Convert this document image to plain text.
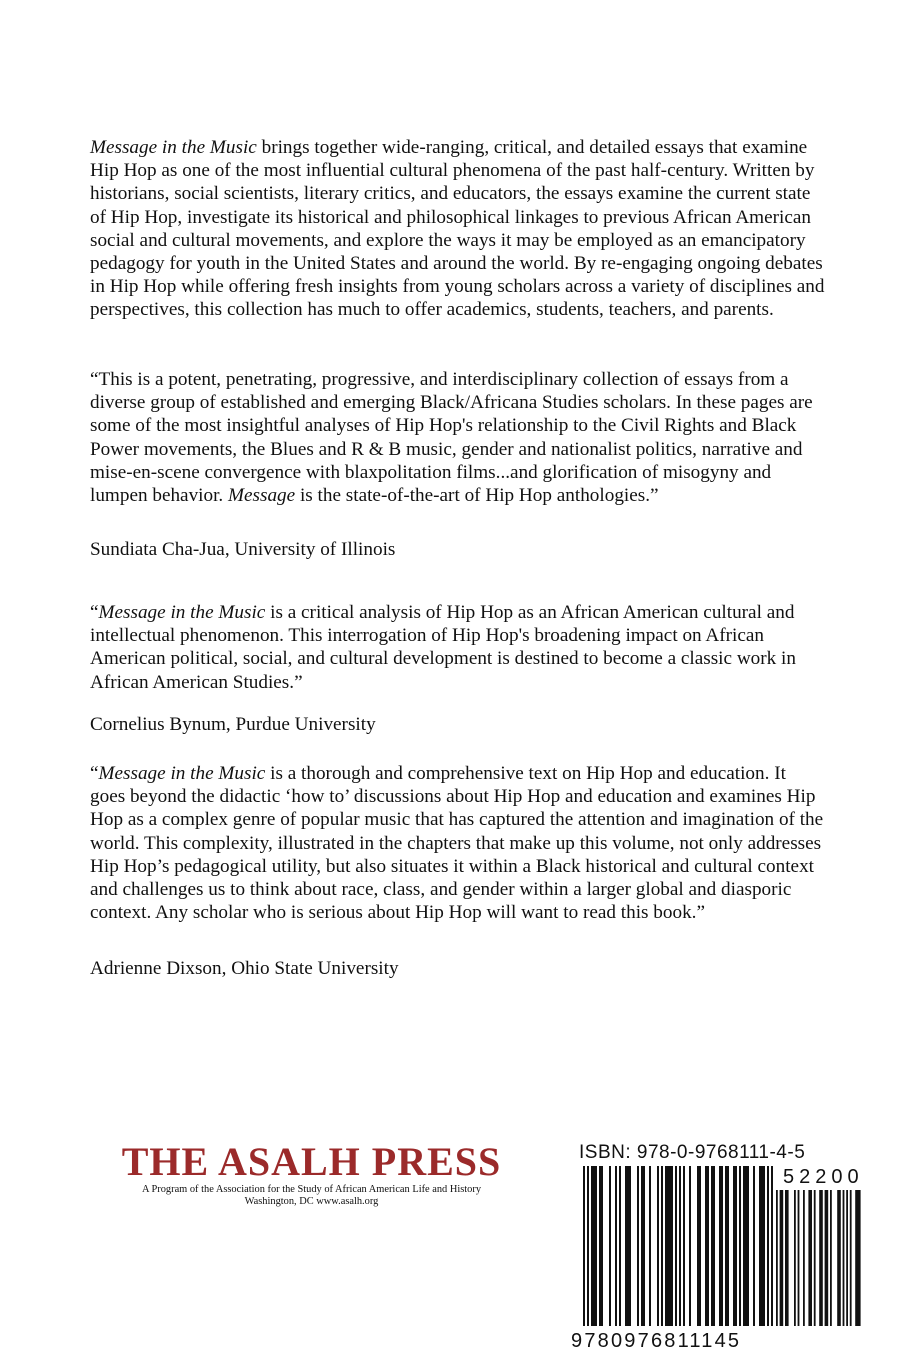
Message in the Music brings together wide-ranging, critical, and detailed essays that examine Hip Hop as one of the most influential cultural phenomena of the past half-century. Written by historians, social scientists, literary critics, and educators, the essays examine the current state of Hip Hop, investigate its historical and philosophical linkages to previous African American social and cultural movements, and explore the ways it may be employed as an emancipatory pedagogy for youth in the United States and around the world. By re-engaging ongoing debates in Hip Hop while offering fresh insights from young scholars across a variety of disciplines and perspectives, this collection has much to offer academics, students, teachers, and parents.

“This is a potent, penetrating, progressive, and interdisciplinary collection of essays from a diverse group of established and emerging Black/Africana Studies scholars. In these pages are some of the most insightful analyses of Hip Hop's relationship to the Civil Rights and Black Power movements, the Blues and R & B music, gender and nationalist politics, narrative and mise-en-scene convergence with blaxpolitation films...and glorification of misogyny and lumpen behavior. Message is the state-of-the-art of Hip Hop anthologies.”

Sundiata Cha-Jua, University of Illinois

“Message in the Music is a critical analysis of Hip Hop as an African American cultural and intellectual phenomenon. This interrogation of Hip Hop's broadening impact on African American political, social, and cultural development is destined to become a classic work in African American Studies.”

Cornelius Bynum, Purdue University

“Message in the Music is a thorough and comprehensive text on Hip Hop and education. It goes beyond the didactic ‘how to’ discussions about Hip Hop and education and examines Hip Hop as a complex genre of popular music that has captured the attention and imagination of the world. This complexity, illustrated in the chapters that make up this volume, not only addresses Hip Hop’s pedagogical utility, but also situates it within a Black historical and cultural context and challenges us to think about race, class, and gender within a larger global and diasporic context. Any scholar who is serious about Hip Hop will want to read this book.”

Adrienne Dixson, Ohio State University

THE ASALH PRESS
A Program of the Association for the Study of African American Life and History
Washington, DC www.asalh.org
ISBN: 978-0-9768111-4-5
52200
9780976811145
